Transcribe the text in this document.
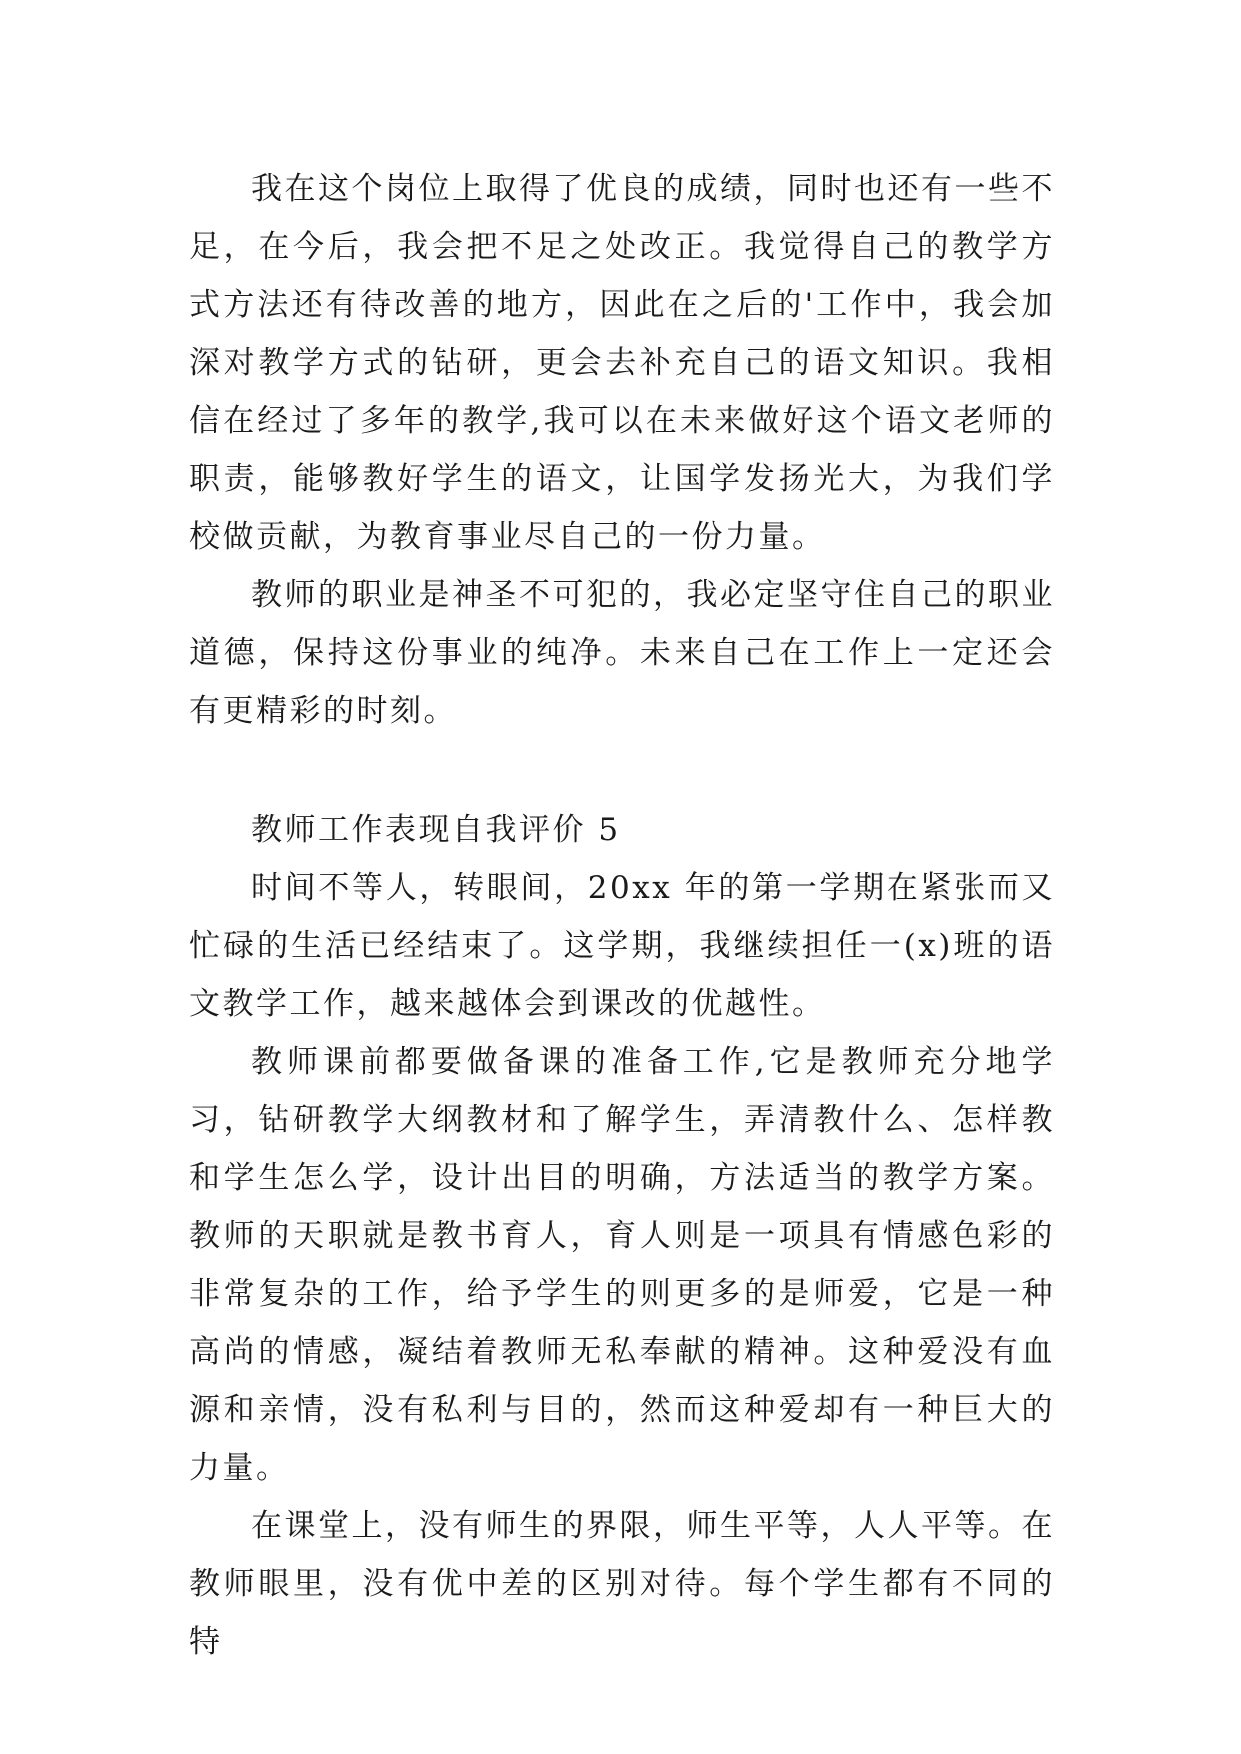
我在这个岗位上取得了优良的成绩，同时也还有一些不足，在今后，我会把不足之处改正。我觉得自己的教学方式方法还有待改善的地方，因此在之后的'工作中，我会加深对教学方式的钻研，更会去补充自己的语文知识。我相信在经过了多年的教学,我可以在未来做好这个语文老师的职责，能够教好学生的语文，让国学发扬光大，为我们学校做贡献，为教育事业尽自己的一份力量。

教师的职业是神圣不可犯的，我必定坚守住自己的职业道德，保持这份事业的纯净。未来自己在工作上一定还会有更精彩的时刻。

教师工作表现自我评价 5

时间不等人，转眼间，20xx 年的第一学期在紧张而又忙碌的生活已经结束了。这学期，我继续担任一(x)班的语文教学工作，越来越体会到课改的优越性。

教师课前都要做备课的准备工作,它是教师充分地学习，钻研教学大纲教材和了解学生，弄清教什么、怎样教和学生怎么学，设计出目的明确，方法适当的教学方案。教师的天职就是教书育人，育人则是一项具有情感色彩的非常复杂的工作，给予学生的则更多的是师爱，它是一种高尚的情感，凝结着教师无私奉献的精神。这种爱没有血源和亲情，没有私利与目的，然而这种爱却有一种巨大的力量。

在课堂上，没有师生的界限，师生平等，人人平等。在教师眼里，没有优中差的区别对待。每个学生都有不同的特
